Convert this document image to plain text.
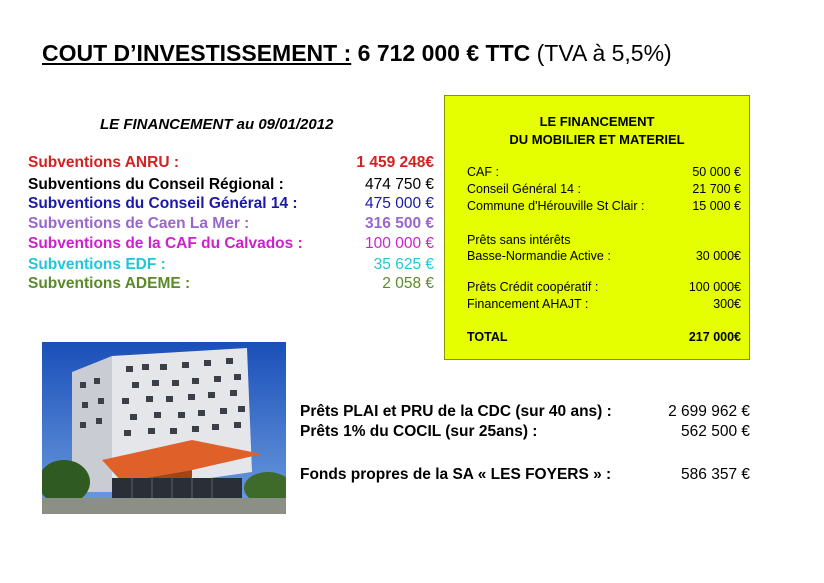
COUT D’INVESTISSEMENT : 6 712 000 € TTC (TVA à 5,5%)
LE FINANCEMENT au 09/01/2012
Subventions ANRU :	1 459 248€
Subventions du Conseil Régional :	474 750 €
Subventions du Conseil Général 14 :	475 000 €
Subventions de Caen La Mer :	316 500 €
Subventions de la CAF du Calvados :	100 000 €
Subventions EDF :	35 625 €
Subventions ADEME :	2 058 €
LE FINANCEMENT
DU MOBILIER ET MATERIEL
CAF :	50 000 €
Conseil Général 14 :	21 700 €
Commune d'Hérouville St Clair :	15 000 €
Prêts sans intérêts
Basse-Normandie Active :	30 000€
Prêts Crédit coopératif :	100 000€
Financement AHAJT :	300€
TOTAL	217 000€
Prêts PLAI et PRU de la CDC (sur 40 ans) :	2 699 962 €
Prêts 1% du COCIL (sur 25ans) :	562 500 €
Fonds propres de la SA « LES FOYERS » :	586 357 €
